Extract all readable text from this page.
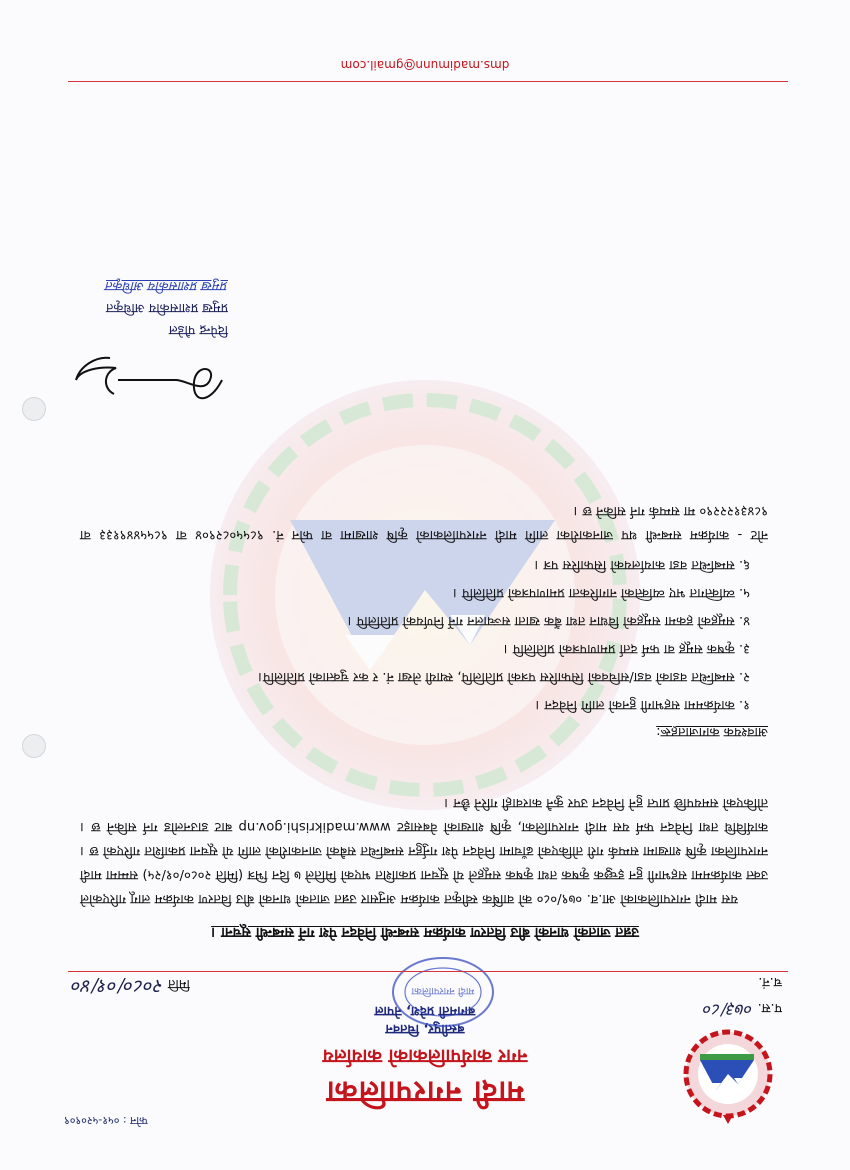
फोन : ०५१-५२०९०९
मादी नगरपालिका
नगर कार्यपालिकाको कार्यालय
बस्तीपुर, चितवन
बागमती प्रदेश, नेपाल	प.स. ०७३/८०
च.नं.
मिति २०८०/०१/४०	मादी नगरपालिका
उन्नत जातको धानको बीउ वितरण कार्यक्रम सम्बन्धी निवेदन पेश गर्ने सम्बन्धी सूचना ।

यस मादी नगरपालिकाको आ.व. ०७९/०८० को वार्षिक स्वीकृत कार्यक्रम अनुसार उन्नत जातको धानको बीउ वितरण कार्यक्रम लागू गरिएकोले उक्त कार्यक्रममा सहभागी हुन इच्छुक कृषक तथा कृषक समूहले यो सूचना प्रकाशित भएको मितिले ७ दिन भित्र (मिति २०८०/०१/२५) सम्ममा मादी नगरपालिका कृषि शाखामा सम्पर्क गरी तोकिएको ढाँचामा निवेदन पेश गर्नुहुन सम्बन्धित सबैको जानकारीको लागि यो सूचना प्रकाशित गरिएको छ । कार्यविधि तथा निवेदन फर्म यस मादी नगरपालिका, कृषि शाखाको वेबसाइट www.madikrishi.gov.np बाट डाउनलोड गर्न सकिने छ । तोकिएको समयपछि प्राप्त हुने निवेदन उपर कुनै कारवाही गरिने छैन ।

आवश्यक कागजातहरू:
१. कार्यक्रममा सहभागी हुनको लागि निवेदन ।
२. सम्बन्धित वडाको वडा/सचिवको सिफारिस पत्रको प्रतिलिपि, स्थायी लेखा नं. र कर चुक्ताको प्रतिलिपि।
३. कृषक समूह वा फर्म दर्ता प्रमाणपत्रको प्रतिलिपि ।
४. समूहको हकमा समूहको विधान तथा बैंक खाता सञ्चालन गर्ने निर्णयको प्रतिलिपि ।
५. व्यक्तिगत भए व्यक्तिको नागरिकता प्रमाणपत्रको प्रतिलिपि ।
६. सम्बन्धित वडा कार्यालयको सिफारिस पत्र ।

नोट - कार्यक्रम सम्बन्धी थप जानकारीका लागि मादी नगरपालिकाको कृषि शाखामा वा फोन नं. ९८५५०८२९०४ वा ९८५५४४९१३३ वा ९८४३१२२२९० मा सम्पर्क गर्न सकिने छ ।

दिपेन्द्र पौडेल
प्रमुख प्रशासकीय अधिकृत
प्रमुख प्रशासकीय अधिकृत
dms.madimunn@gmail.com
